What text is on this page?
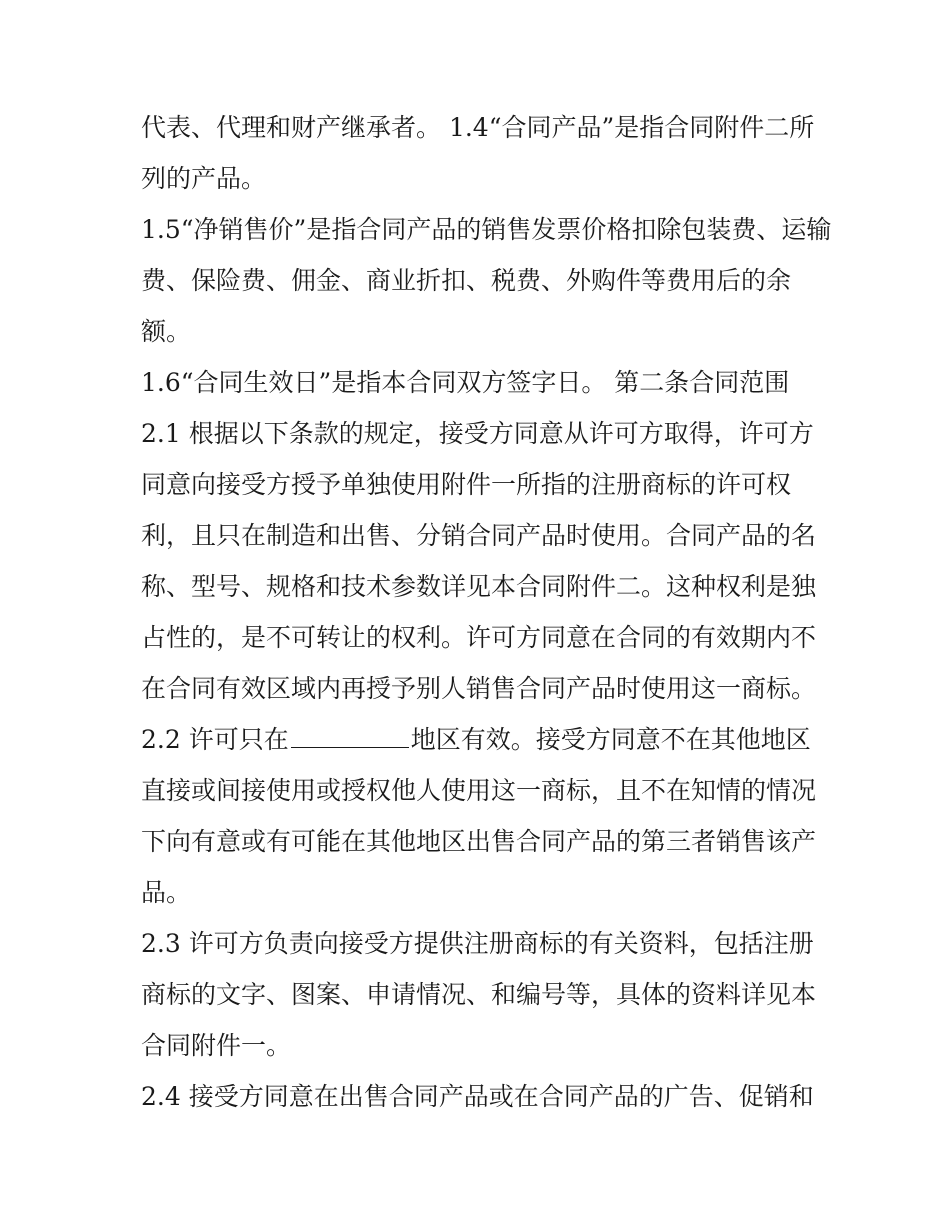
代表、代理和财产继承者。 1.4“合同产品”是指合同附件二所
列的产品。
1.5“净销售价”是指合同产品的销售发票价格扣除包装费、运输
费、保险费、佣金、商业折扣、税费、外购件等费用后的余
额。
1.6“合同生效日”是指本合同双方签字日。 第二条合同范围
2.1 根据以下条款的规定，接受方同意从许可方取得，许可方
同意向接受方授予单独使用附件一所指的注册商标的许可权
利，且只在制造和出售、分销合同产品时使用。合同产品的名
称、型号、规格和技术参数详见本合同附件二。这种权利是独
占性的，是不可转让的权利。许可方同意在合同的有效期内不
在合同有效区域内再授予别人销售合同产品时使用这一商标。
2.2 许可只在	地区有效。接受方同意不在其他地区
直接或间接使用或授权他人使用这一商标，且不在知情的情况
下向有意或有可能在其他地区出售合同产品的第三者销售该产
品。
2.3 许可方负责向接受方提供注册商标的有关资料，包括注册
商标的文字、图案、申请情况、和编号等，具体的资料详见本
合同附件一。
2.4 接受方同意在出售合同产品或在合同产品的广告、促销和
